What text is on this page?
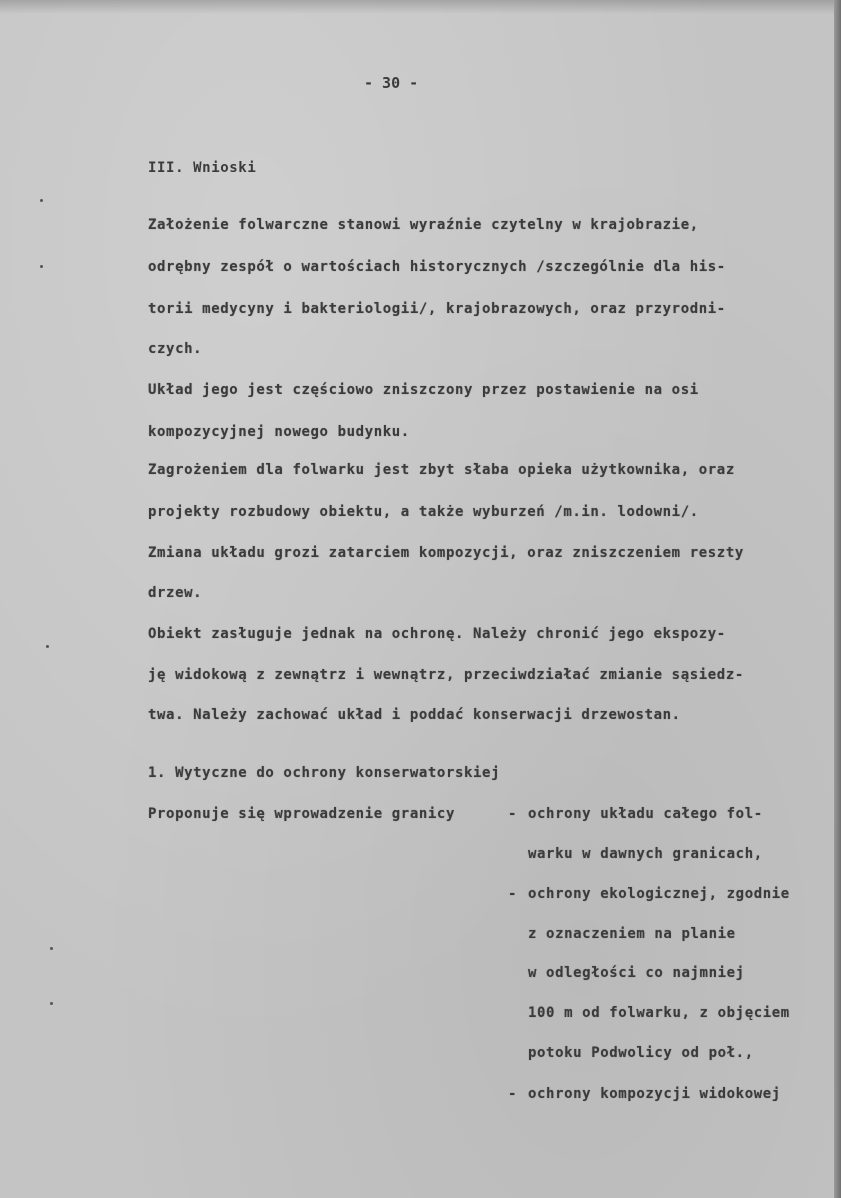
- 30 -
III. Wnioski
Założenie folwarczne stanowi wyraźnie czytelny w krajobrazie,
odrębny zespół o wartościach historycznych /szczególnie dla his-
torii medycyny i bakteriologii/, krajobrazowych, oraz przyrodni-
czych.
Układ jego jest częściowo zniszczony przez postawienie na osi
kompozycyjnej nowego budynku.
Zagrożeniem dla folwarku jest zbyt słaba opieka użytkownika, oraz
projekty rozbudowy obiektu, a także wyburzeń /m.in. lodowni/.
Zmiana układu grozi zatarciem kompozycji, oraz zniszczeniem reszty
drzew.
Obiekt zasługuje jednak na ochronę. Należy chronić jego ekspozy-
ję widokową z zewnątrz i wewnątrz, przeciwdziałać zmianie sąsiedz-
twa. Należy zachować układ i poddać konserwacji drzewostan.
1. Wytyczne do ochrony konserwatorskiej
Proponuje się wprowadzenie granicy	- ochrony układu całego fol-
warku w dawnych granicach,
- ochrony ekologicznej, zgodnie
z oznaczeniem na planie
w odległości co najmniej
100 m od folwarku, z objęciem
potoku Podwolicy od poł.,
- ochrony kompozycji widokowej
